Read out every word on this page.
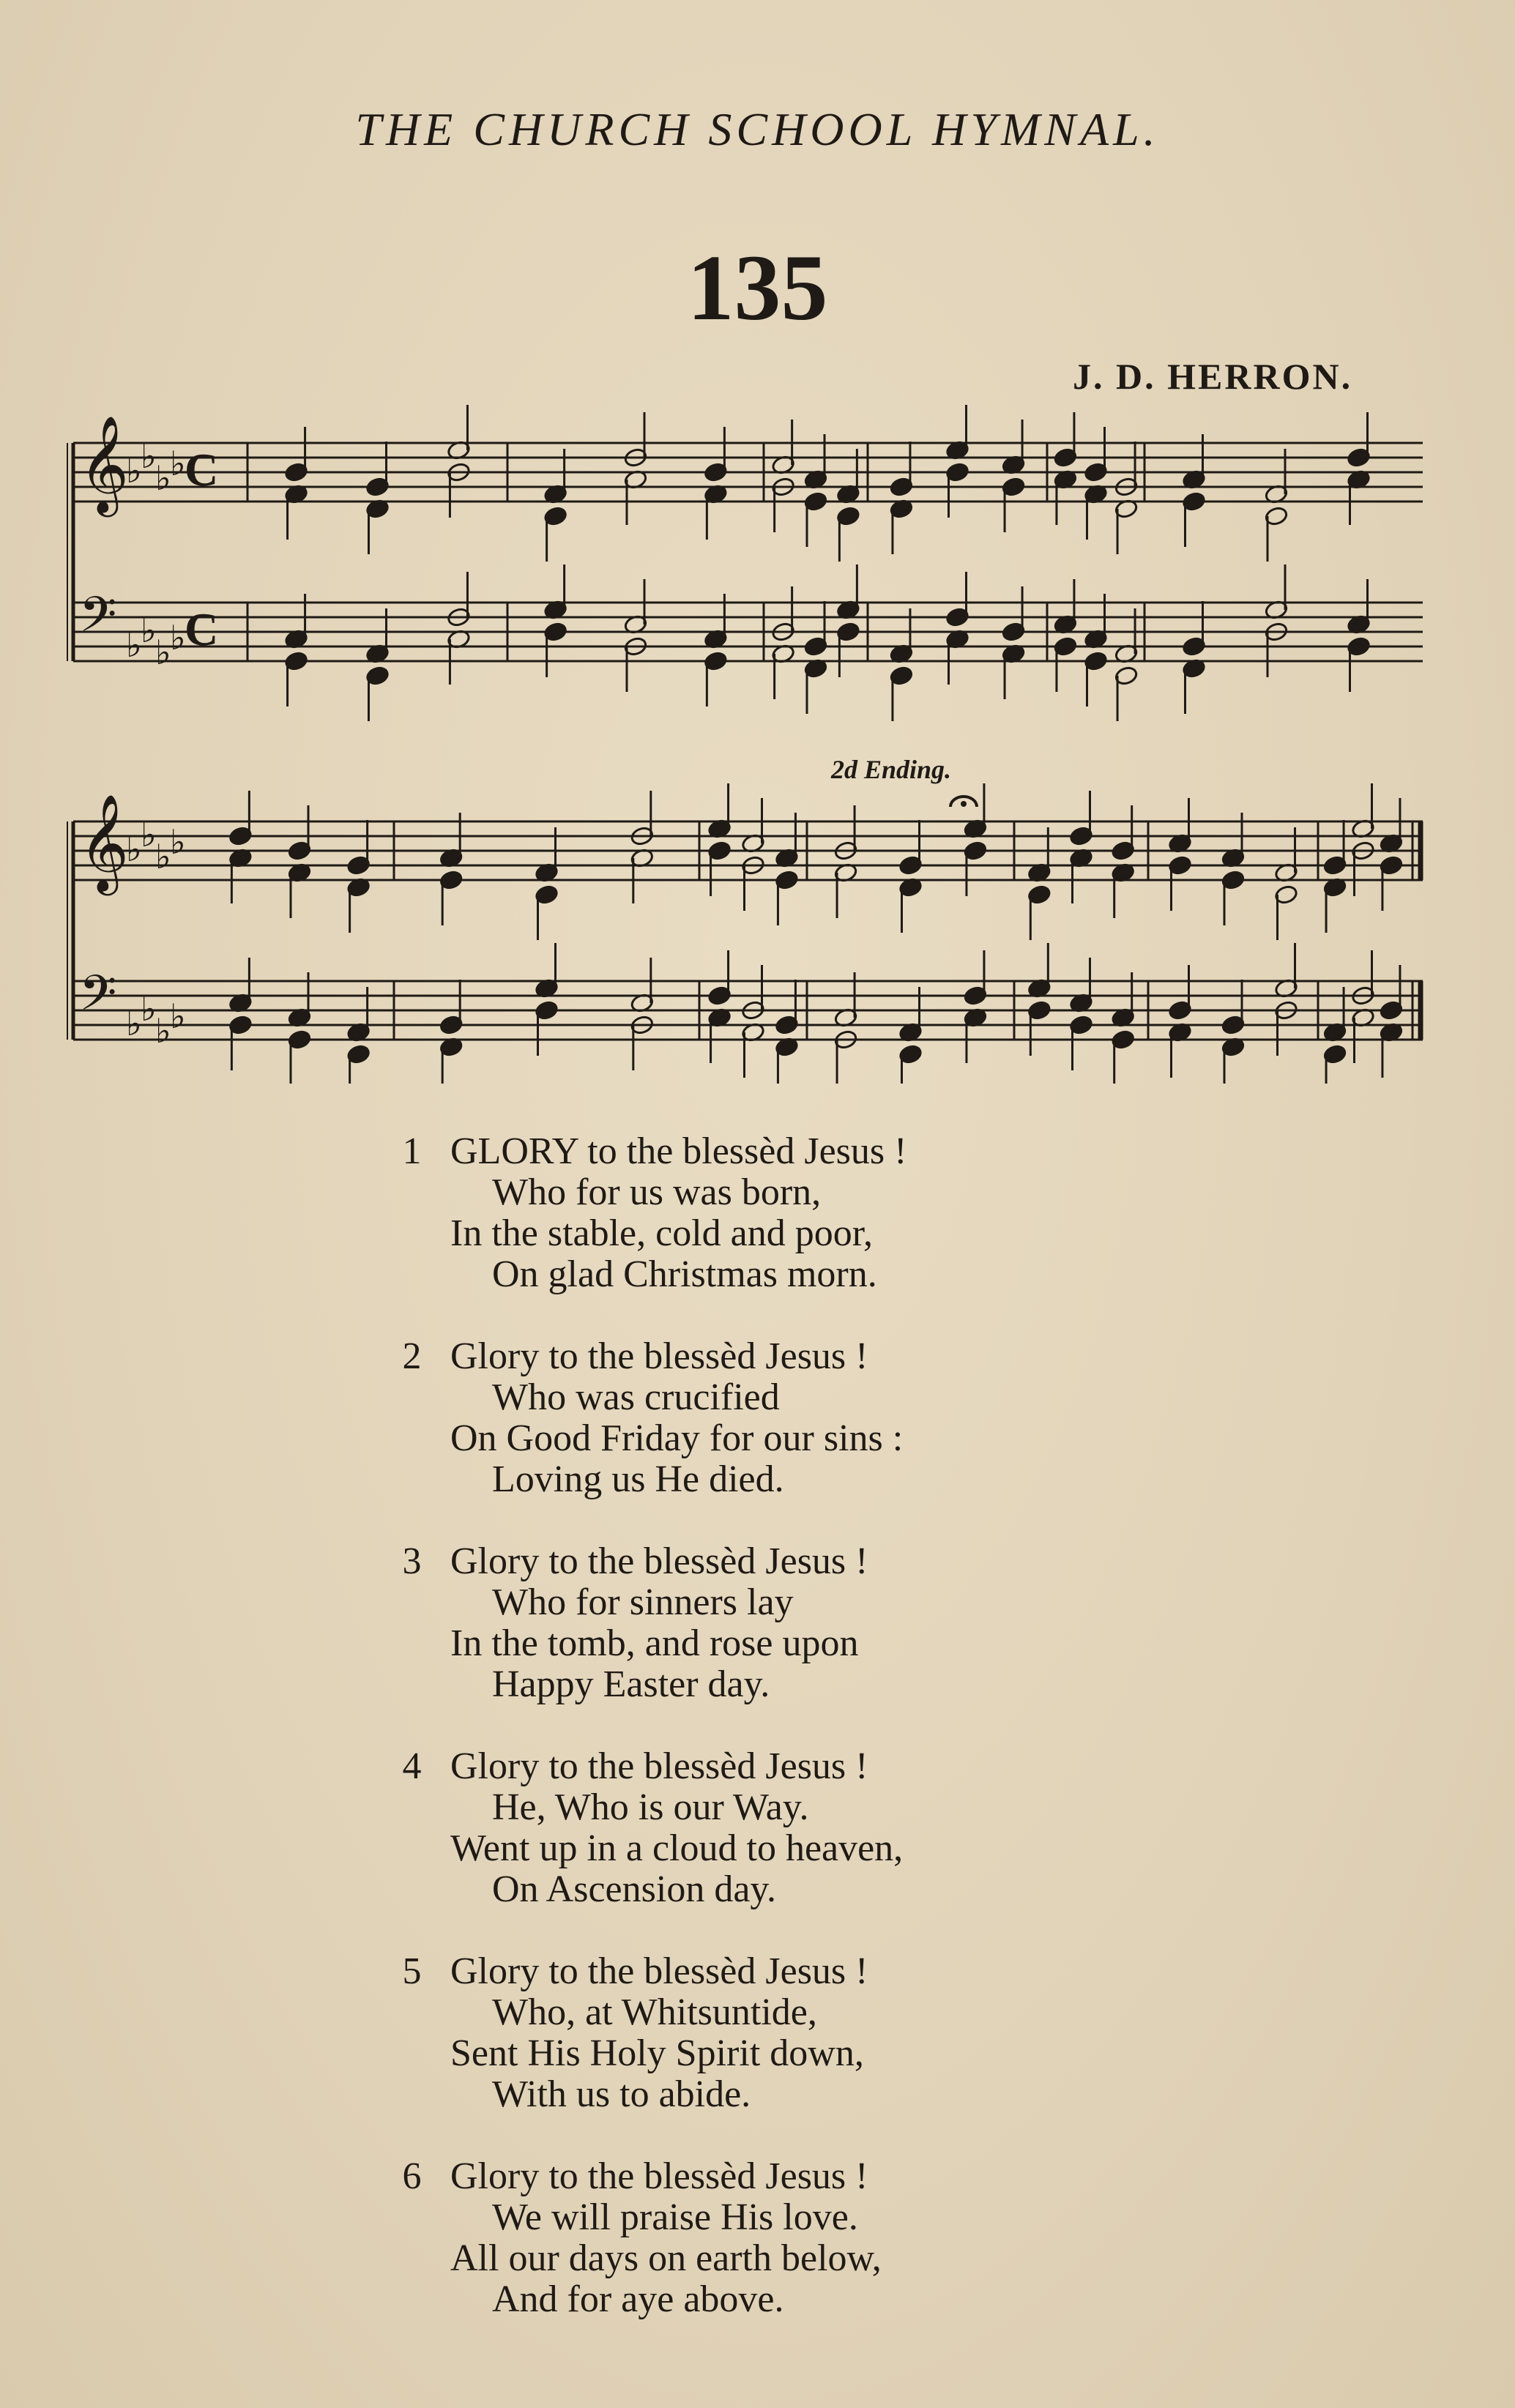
THE CHURCH SCHOOL HYMNAL.
135
J. D. HERRON.
2d Ending.
𝄞
♭
♭
♭
♭
C
𝄢 ♭
♭
♭
♭
C
𝄞
♭
♭
♭
♭
𝄢 ♭
♭
♭
♭
1 GLORY to the blessèd Jesus !
Who for us was born,
In the stable, cold and poor,
On glad Christmas morn.
2 Glory to the blessèd Jesus !
Who was crucified
On Good Friday for our sins :
Loving us He died.
3 Glory to the blessèd Jesus !
Who for sinners lay
In the tomb, and rose upon
Happy Easter day.
4 Glory to the blessèd Jesus !
He, Who is our Way.
Went up in a cloud to heaven,
On Ascension day.
5 Glory to the blessèd Jesus !
Who, at Whitsuntide,
Sent His Holy Spirit down,
With us to abide.
6 Glory to the blessèd Jesus !
We will praise His love.
All our days on earth below,
And for aye above.
